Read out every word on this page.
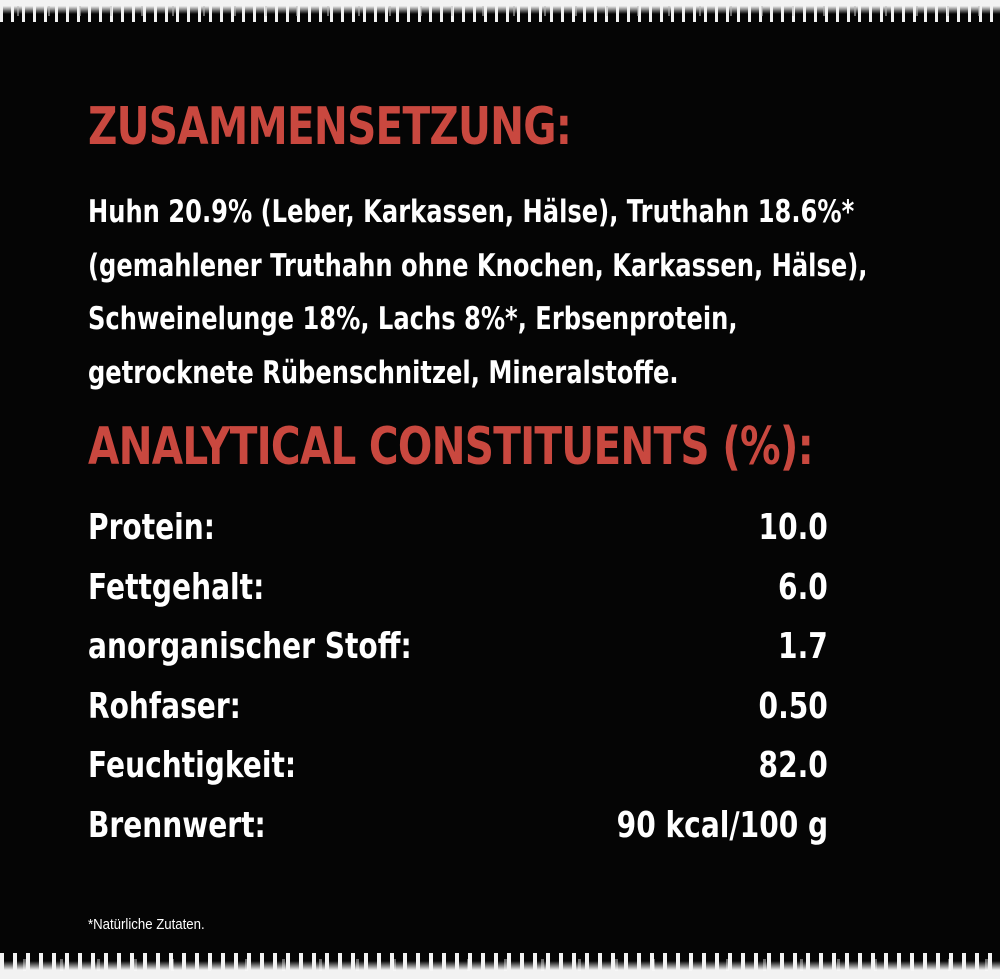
ZUSAMMENSETZUNG:

Huhn 20.9% (Leber, Karkassen, Hälse), Truthahn 18.6%*
(gemahlener Truthahn ohne Knochen, Karkassen, Hälse),
Schweinelunge 18%, Lachs 8%*, Erbsenprotein,
getrocknete Rübenschnitzel, Mineralstoffe.

ANALYTICAL CONSTITUENTS (%):
Protein:	10.0
Fettgehalt:	6.0
anorganischer Stoff:	1.7
Rohfaser:	0.50
Feuchtigkeit:	82.0
Brennwert:	90 kcal/100 g

*Natürliche Zutaten.
